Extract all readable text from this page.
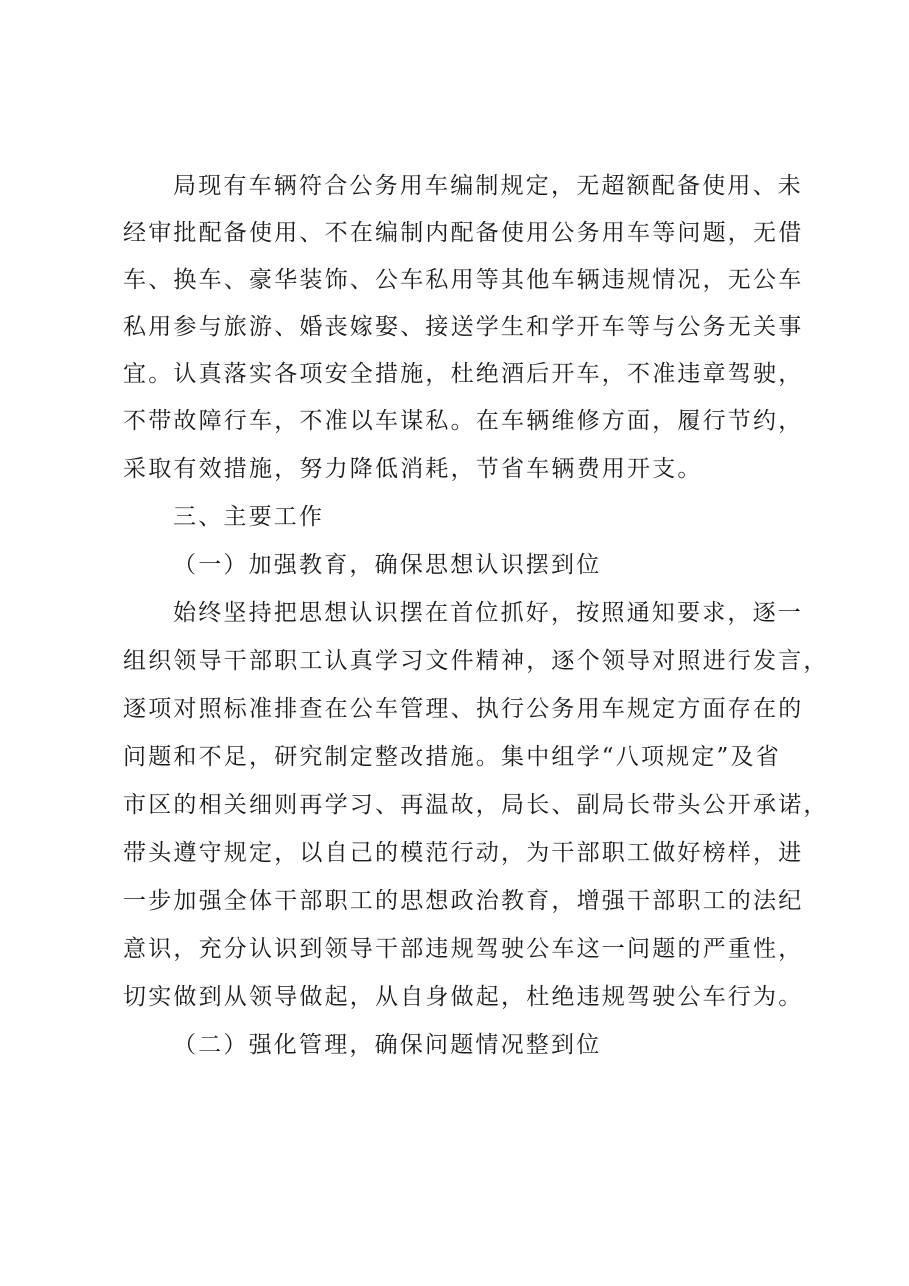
局现有车辆符合公务用车编制规定，无超额配备使用、未
经审批配备使用、不在编制内配备使用公务用车等问题，无借
车、换车、豪华装饰、公车私用等其他车辆违规情况，无公车
私用参与旅游、婚丧嫁娶、接送学生和学开车等与公务无关事
宜。认真落实各项安全措施，杜绝酒后开车，不准违章驾驶，
不带故障行车，不准以车谋私。在车辆维修方面，履行节约，
采取有效措施，努力降低消耗，节省车辆费用开支。
三、主要工作
（一）加强教育，确保思想认识摆到位
始终坚持把思想认识摆在首位抓好，按照通知要求，逐一
组织领导干部职工认真学习文件精神，逐个领导对照进行发言，
逐项对照标准排查在公车管理、执行公务用车规定方面存在的
问题和不足，研究制定整改措施。集中组学“八项规定”及省
市区的相关细则再学习、再温故，局长、副局长带头公开承诺，
带头遵守规定，以自己的模范行动，为干部职工做好榜样，进
一步加强全体干部职工的思想政治教育，增强干部职工的法纪
意识，充分认识到领导干部违规驾驶公车这一问题的严重性，
切实做到从领导做起，从自身做起，杜绝违规驾驶公车行为。
（二）强化管理，确保问题情况整到位
